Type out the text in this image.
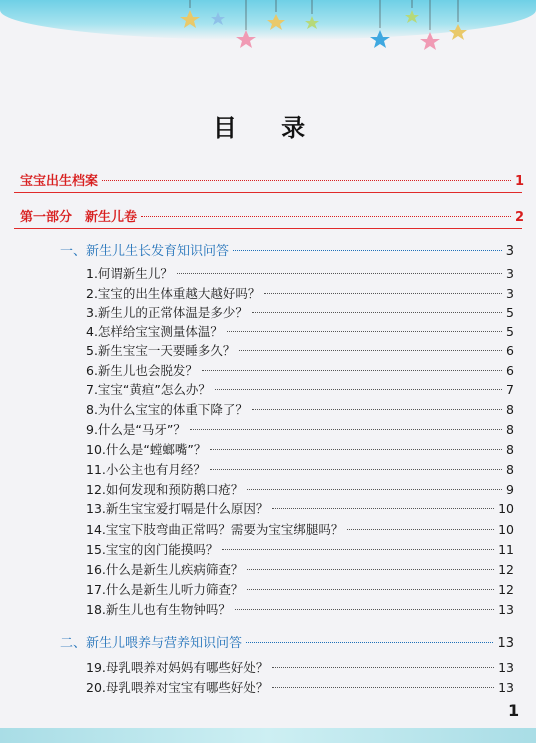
目 录
宝宝出生档案	1
第一部分　新生儿卷	2
一、新生儿生长发育知识问答	3
1.何谓新生儿？	3
2.宝宝的出生体重越大越好吗？	3
3.新生儿的正常体温是多少？	5
4.怎样给宝宝测量体温？	5
5.新生宝宝一天要睡多久？	6
6.新生儿也会脱发？	6
7.宝宝“黄疸”怎么办？	7
8.为什么宝宝的体重下降了？	8
9.什么是“马牙”？	8
10.什么是“螳螂嘴”？	8
11.小公主也有月经？	8
12.如何发现和预防鹅口疮？	9
13.新生宝宝爱打嗝是什么原因？	10
14.宝宝下肢弯曲正常吗？需要为宝宝绑腿吗？	10
15.宝宝的囟门能摸吗？	11
16.什么是新生儿疾病筛查？	12
17.什么是新生儿听力筛查？	12
18.新生儿也有生物钟吗？	13
二、新生儿喂养与营养知识问答	13
19.母乳喂养对妈妈有哪些好处？	13
20.母乳喂养对宝宝有哪些好处？	13
1
